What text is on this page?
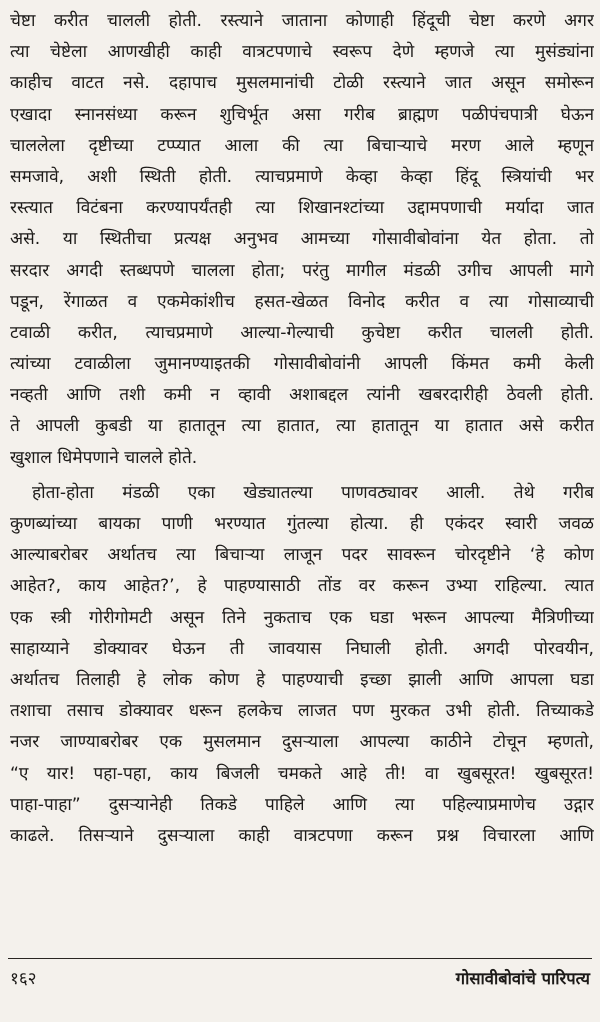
चेष्टा करीत चालली होती. रस्त्याने जाताना कोणाही हिंदूची चेष्टा करणे अगर
त्या चेष्टेला आणखीही काही वात्रटपणाचे स्वरूप देणे म्हणजे त्या मुसंड्यांना
काहीच वाटत नसे. दहापाच मुसलमानांची टोळी रस्त्याने जात असून समोरून
एखादा स्नानसंध्या करून शुचिर्भूत असा गरीब ब्राह्मण पळीपंचपात्री घेऊन
चाललेला दृष्टीच्या टप्प्यात आला की त्या बिचाऱ्याचे मरण आले म्हणून
समजावे, अशी स्थिती होती. त्याचप्रमाणे केव्हा केव्हा हिंदू स्त्रियांची भर
रस्त्यात विटंबना करण्यापर्यंतही त्या शिखानश्टांच्या उद्दामपणाची मर्यादा जात
असे. या स्थितीचा प्रत्यक्ष अनुभव आमच्या गोसावीबोवांना येत होता. तो
सरदार अगदी स्तब्धपणे चालला होता; परंतु मागील मंडळी उगीच आपली मागे
पडून, रेंगाळत व एकमेकांशीच हसत-खेळत विनोद करीत व त्या गोसाव्याची
टवाळी करीत, त्याचप्रमाणे आल्या-गेल्याची कुचेष्टा करीत चालली होती.
त्यांच्या टवाळीला जुमानण्याइतकी गोसावीबोवांनी आपली किंमत कमी केली
नव्हती आणि तशी कमी न व्हावी अशाबद्दल त्यांनी खबरदारीही ठेवली होती.
ते आपली कुबडी या हातातून त्या हातात, त्या हातातून या हातात असे करीत
खुशाल धिमेपणाने चालले होते.
होता-होता मंडळी एका खेड्यातल्या पाणवठ्यावर आली. तेथे गरीब
कुणब्यांच्या बायका पाणी भरण्यात गुंतल्या होत्या. ही एकंदर स्वारी जवळ
आल्याबरोबर अर्थातच त्या बिचाऱ्या लाजून पदर सावरून चोरदृष्टीने ‘हे कोण
आहेत?, काय आहेत?’, हे पाहण्यासाठी तोंड वर करून उभ्या राहिल्या. त्यात
एक स्त्री गोरीगोमटी असून तिने नुकताच एक घडा भरून आपल्या मैत्रिणीच्या
साहाय्याने डोक्यावर घेऊन ती जावयास निघाली होती. अगदी पोरवयीन,
अर्थातच तिलाही हे लोक कोण हे पाहण्याची इच्छा झाली आणि आपला घडा
तशाचा तसाच डोक्यावर धरून हलकेच लाजत पण मुरकत उभी होती. तिच्याकडे
नजर जाण्याबरोबर एक मुसलमान दुसऱ्याला आपल्या काठीने टोचून म्हणतो,
“ए यार! पहा-पहा, काय बिजली चमकते आहे ती! वा खुबसूरत! खुबसूरत!
पाहा-पाहा” दुसऱ्यानेही तिकडे पाहिले आणि त्या पहिल्याप्रमाणेच उद्गार
काढले. तिसऱ्याने दुसऱ्याला काही वात्रटपणा करून प्रश्न विचारला आणि
१६२	गोसावीबोवांचे पारिपत्य
